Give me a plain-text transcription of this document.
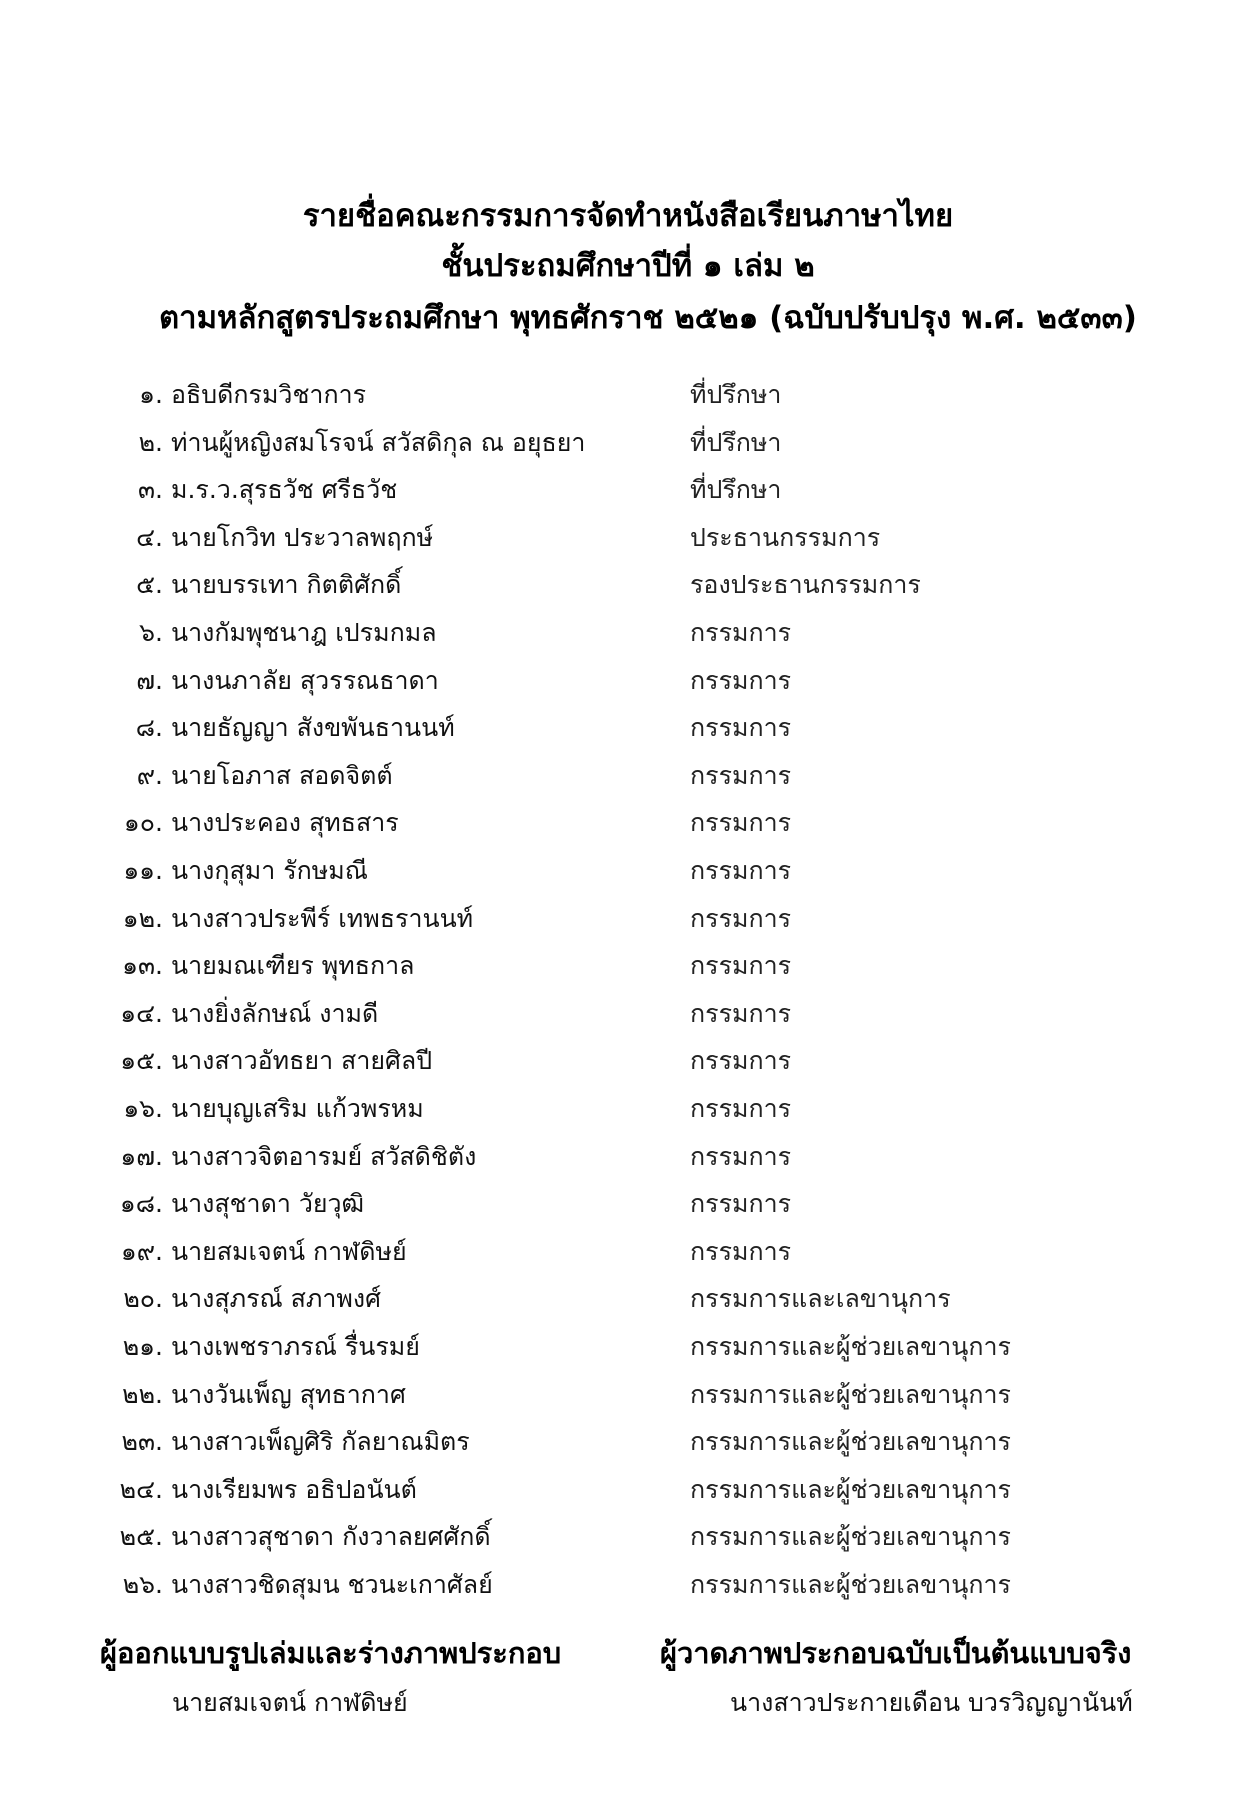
รายชื่อคณะกรรมการจัดทำหนังสือเรียนภาษาไทย
ชั้นประถมศึกษาปีที่ ๑ เล่ม ๒
ตามหลักสูตรประถมศึกษา พุทธศักราช ๒๕๒๑ (ฉบับปรับปรุง พ.ศ. ๒๕๓๓)
๑. อธิบดีกรมวิชาการ	ที่ปรึกษา
๒. ท่านผู้หญิงสมโรจน์ สวัสดิกุล ณ อยุธยา	ที่ปรึกษา
๓. ม.ร.ว.สุรธวัช ศรีธวัช	ที่ปรึกษา
๔. นายโกวิท ประวาลพฤกษ์	ประธานกรรมการ
๕. นายบรรเทา กิตติศักดิ์	รองประธานกรรมการ
๖. นางกัมพุชนาฎ เปรมกมล	กรรมการ
๗. นางนภาลัย สุวรรณธาดา	กรรมการ
๘. นายธัญญา สังขพันธานนท์	กรรมการ
๙. นายโอภาส สอดจิตต์	กรรมการ
๑๐. นางประคอง สุทธสาร	กรรมการ
๑๑. นางกุสุมา รักษมณี	กรรมการ
๑๒. นางสาวประพีร์ เทพธรานนท์	กรรมการ
๑๓. นายมณเฑียร พุทธกาล	กรรมการ
๑๔. นางยิ่งลักษณ์ งามดี	กรรมการ
๑๕. นางสาวอัทธยา สายศิลปี	กรรมการ
๑๖. นายบุญเสริม แก้วพรหม	กรรมการ
๑๗. นางสาวจิตอารมย์ สวัสดิชิตัง	กรรมการ
๑๘. นางสุชาดา วัยวุฒิ	กรรมการ
๑๙. นายสมเจตน์ กาฬดิษย์	กรรมการ
๒๐. นางสุภรณ์ สภาพงศ์	กรรมการและเลขานุการ
๒๑. นางเพชราภรณ์ รื่นรมย์	กรรมการและผู้ช่วยเลขานุการ
๒๒. นางวันเพ็ญ สุทธากาศ	กรรมการและผู้ช่วยเลขานุการ
๒๓. นางสาวเพ็ญศิริ กัลยาณมิตร	กรรมการและผู้ช่วยเลขานุการ
๒๔. นางเรียมพร อธิปอนันต์	กรรมการและผู้ช่วยเลขานุการ
๒๕. นางสาวสุชาดา กังวาลยศศักดิ์	กรรมการและผู้ช่วยเลขานุการ
๒๖. นางสาวชิดสุมน ชวนะเกาศัลย์	กรรมการและผู้ช่วยเลขานุการ
ผู้ออกแบบรูปเล่มและร่างภาพประกอบ
นายสมเจตน์ กาฬดิษย์
ผู้วาดภาพประกอบฉบับเป็นต้นแบบจริง
นางสาวประกายเดือน บวรวิญญานันท์
